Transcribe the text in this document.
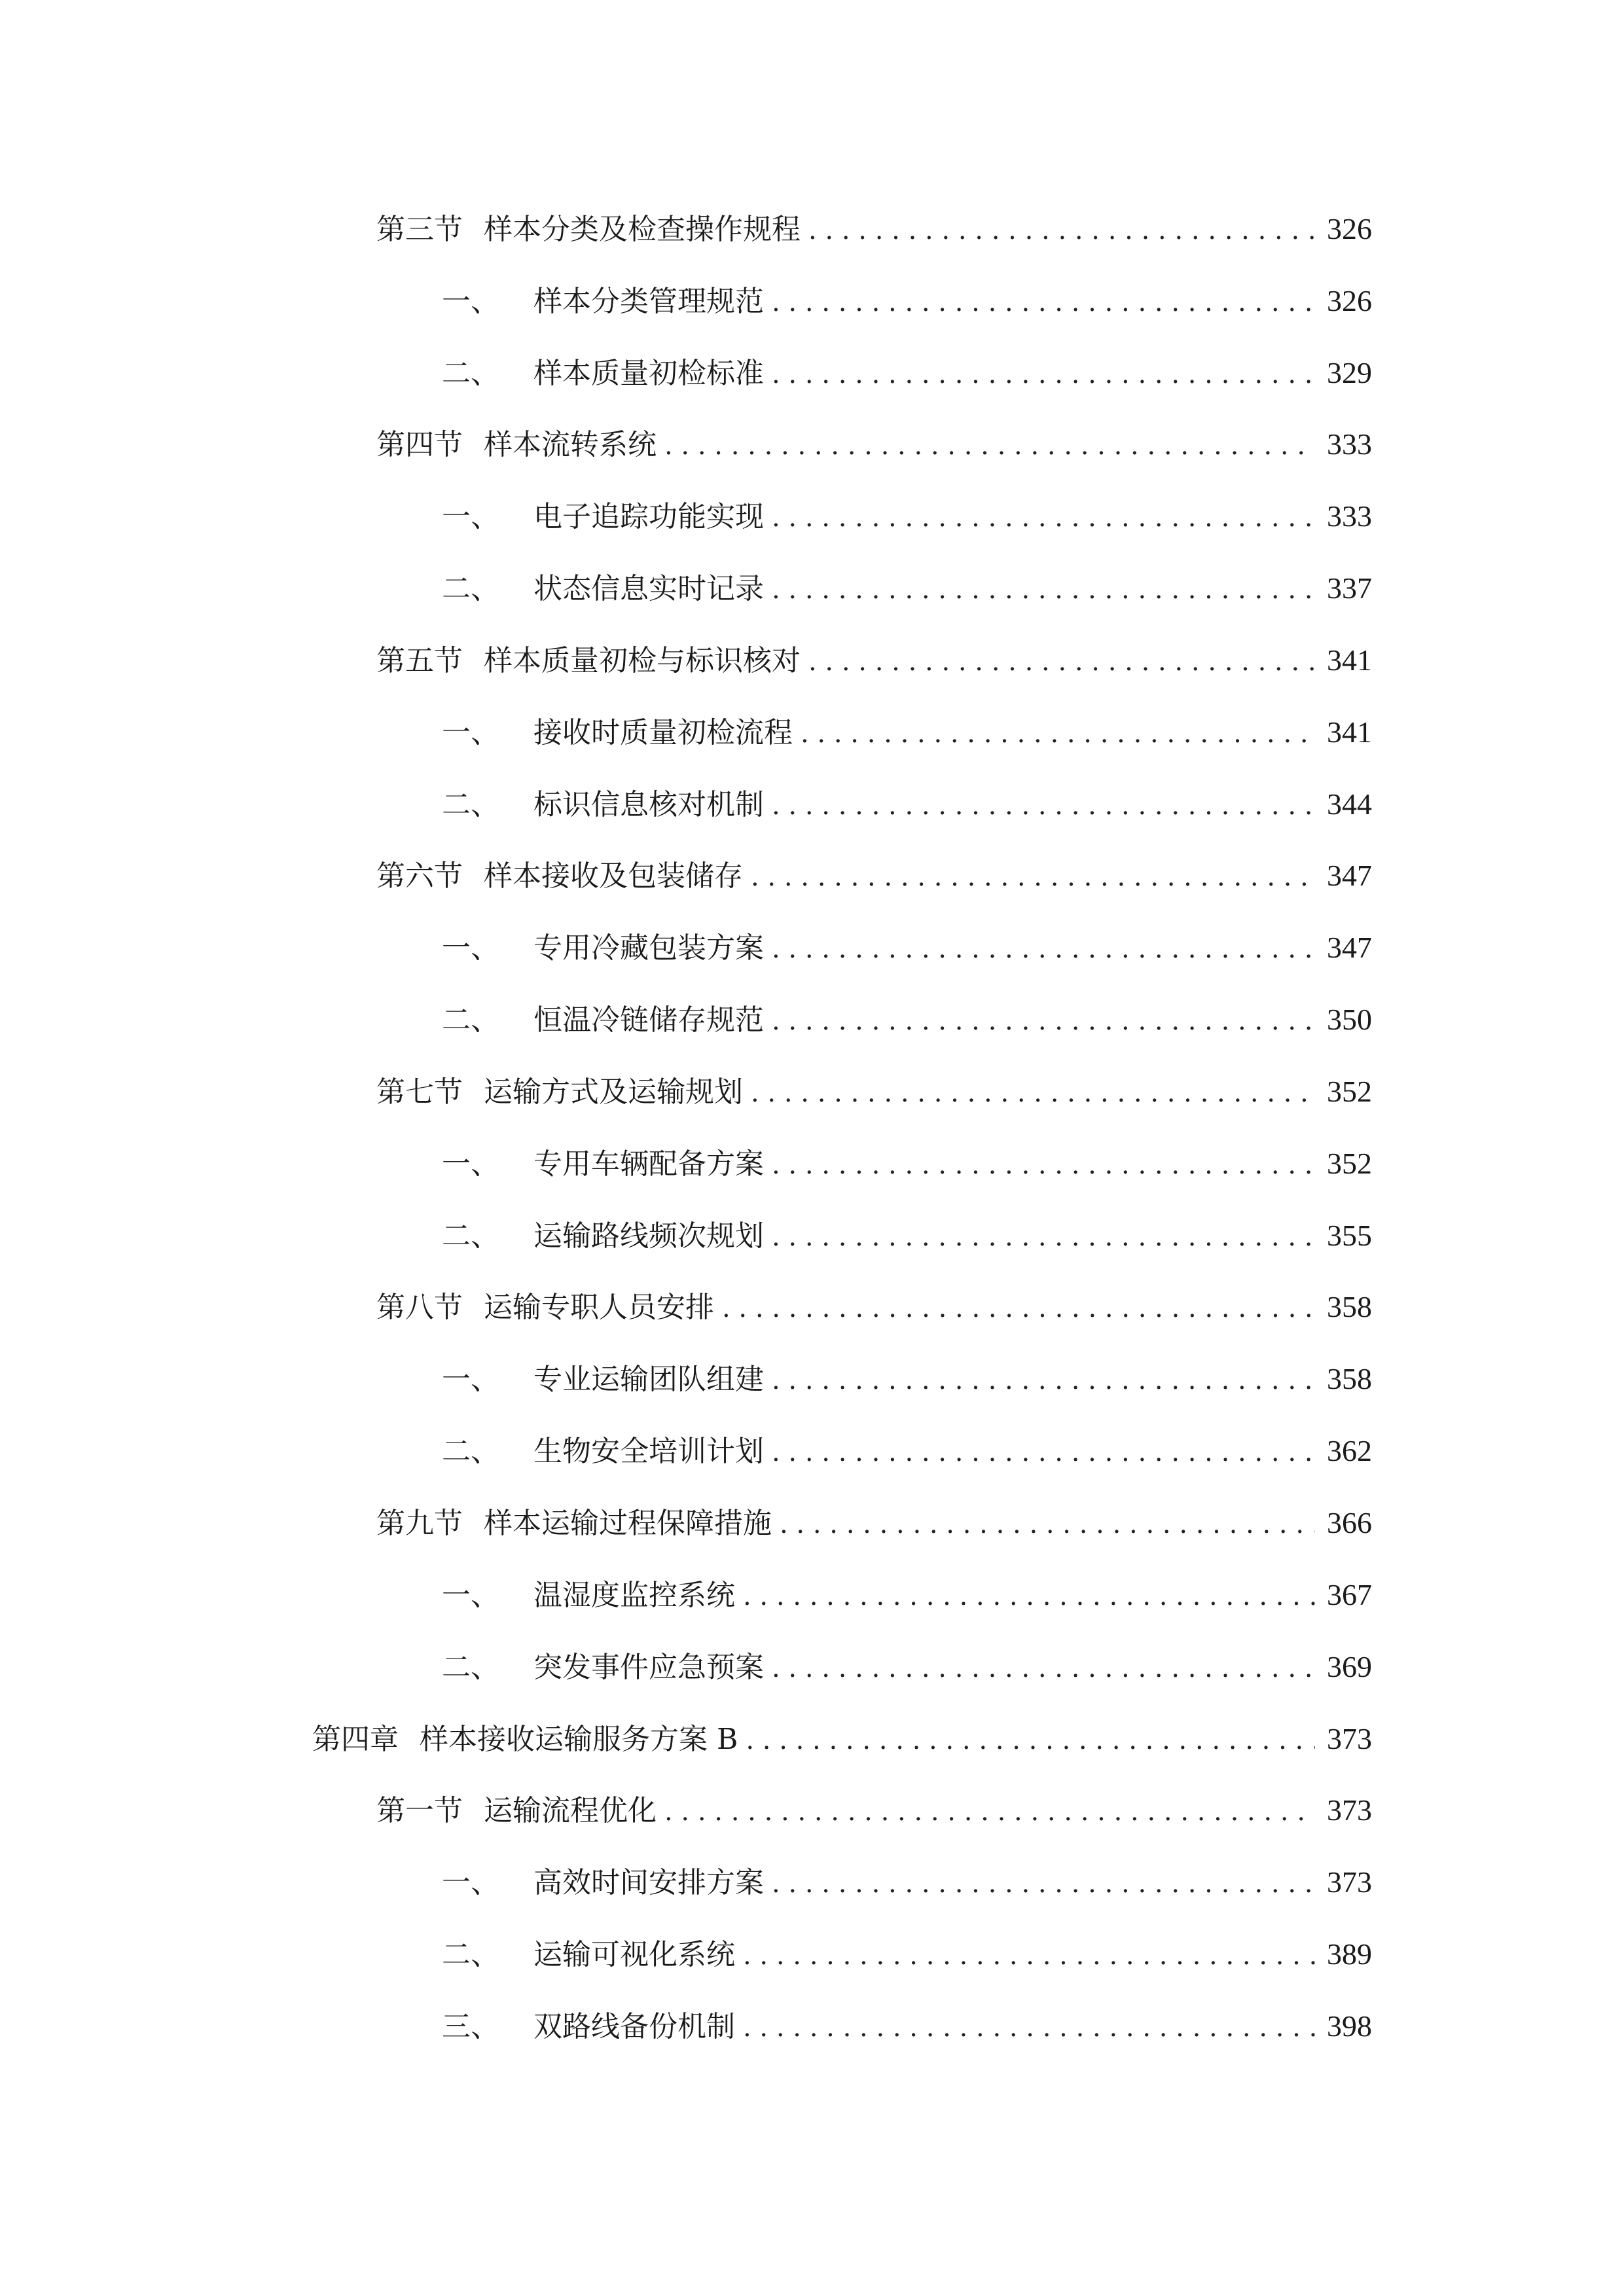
第三节 样本分类及检查操作规程 . . .	326
一、 样本分类管理规范 . . .	326
二、 样本质量初检标准 . . .	329
第四节 样本流转系统 . . .	333
一、 电子追踪功能实现 . . .	333
二、 状态信息实时记录 . . .	337
第五节 样本质量初检与标识核对 . . .	341
一、 接收时质量初检流程 . . .	341
二、 标识信息核对机制 . . .	344
第六节 样本接收及包装储存 . . .	347
一、 专用冷藏包装方案 . . .	347
二、 恒温冷链储存规范 . . .	350
第七节 运输方式及运输规划 . . .	352
一、 专用车辆配备方案 . . .	352
二、 运输路线频次规划 . . .	355
第八节 运输专职人员安排 . . .	358
一、 专业运输团队组建 . . .	358
二、 生物安全培训计划 . . .	362
第九节 样本运输过程保障措施 . . .	366
一、 温湿度监控系统 . . .	367
二、 突发事件应急预案 . . .	369
第四章 样本接收运输服务方案 B . . .	373
第一节 运输流程优化 . . .	373
一、 高效时间安排方案 . . .	373
二、 运输可视化系统 . . .	389
三、 双路线备份机制 . . .	398
